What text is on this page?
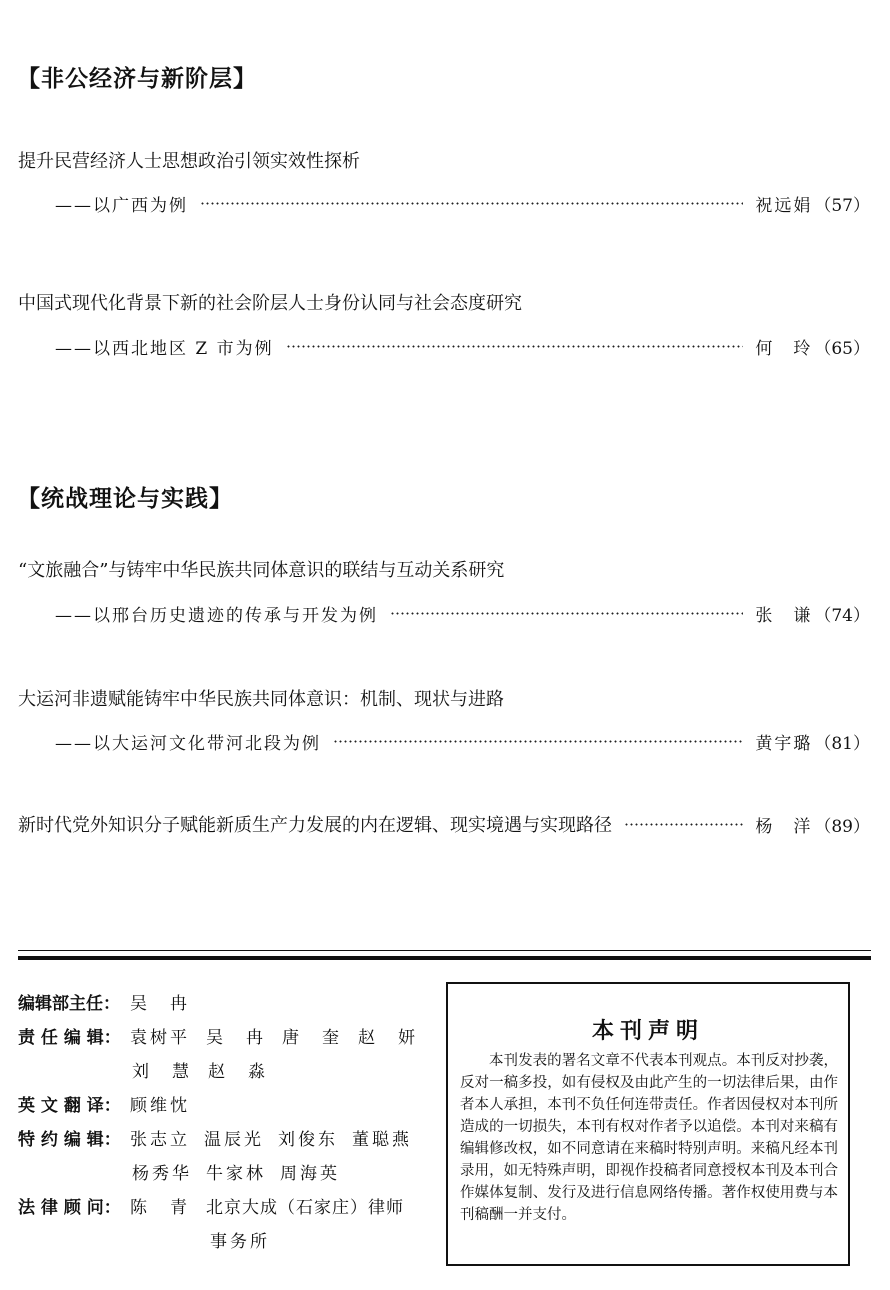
【非公经济与新阶层】
提升民营经济人士思想政治引领实效性探析
——以广西为例	祝远娟 （57）
中国式现代化背景下新的社会阶层人士身份认同与社会态度研究
——以西北地区 Z 市为例	何　玲 （65）
【统战理论与实践】
“文旅融合”与铸牢中华民族共同体意识的联结与互动关系研究
——以邢台历史遗迹的传承与开发为例	张　谦 （74）
大运河非遗赋能铸牢中华民族共同体意识：机制、现状与进路
——以大运河文化带河北段为例	黄宇璐 （81）
新时代党外知识分子赋能新质生产力发展的内在逻辑、现实境遇与实现路径	杨　洋 （89）
编辑部主任： 吴　冉
责 任 编 辑： 袁树平 吴　冉 唐　奎 赵　妍
刘　慧 赵　淼
英 文 翻 译： 顾维忱
特 约 编 辑： 张志立 温辰光 刘俊东 董聪燕
杨秀华 牛家林 周海英
法 律 顾 问： 陈　青 北京大成（石家庄）律师
事务所
本刊声明
本刊发表的署名文章不代表本刊观点。本刊反对抄袭，反对一稿多投，如有侵权及由此产生的一切法律后果，由作者本人承担，本刊不负任何连带责任。作者因侵权对本刊所造成的一切损失，本刊有权对作者予以追偿。本刊对来稿有编辑修改权，如不同意请在来稿时特别声明。来稿凡经本刊录用，如无特殊声明，即视作投稿者同意授权本刊及本刊合作媒体复制、发行及进行信息网络传播。著作权使用费与本刊稿酬一并支付。
